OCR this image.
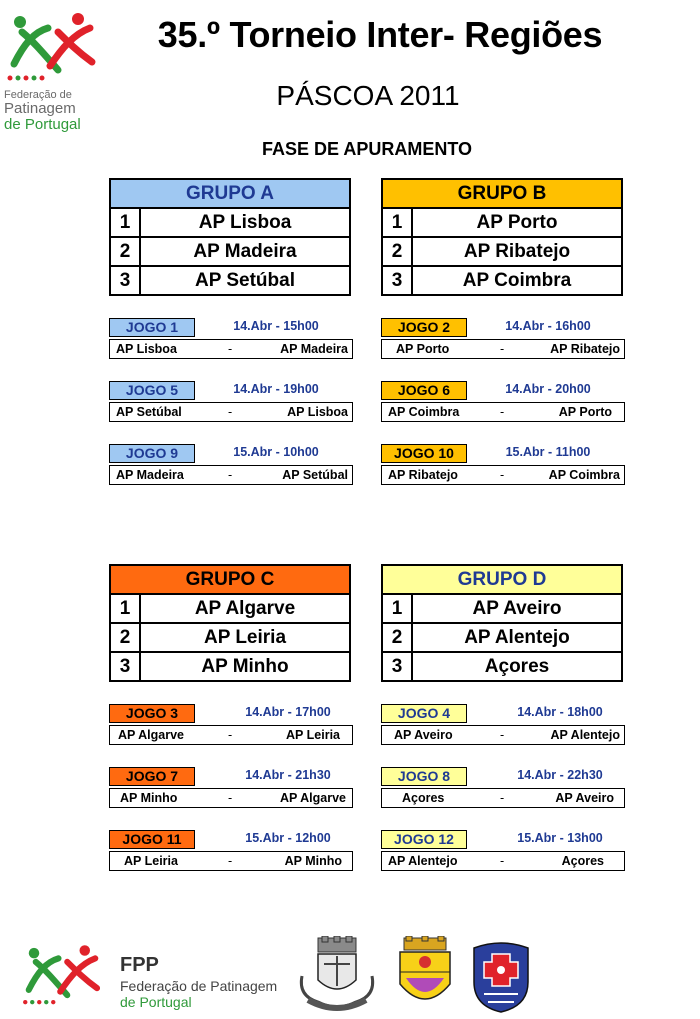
Federação de
Patinagem
de Portugal
35.º Torneio Inter- Regiões
PÁSCOA 2011
FASE DE APURAMENTO
GRUPO A
1	AP Lisboa
2	AP Madeira
3	AP Setúbal
GRUPO B
1	AP Porto
2	AP Ribatejo
3	AP Coimbra
JOGO 1	14.Abr - 15h00
AP Lisboa	-	AP Madeira
JOGO 2	14.Abr - 16h00
AP Porto	-	AP Ribatejo
JOGO 5	14.Abr - 19h00
AP Setúbal	-	AP Lisboa
JOGO 6	14.Abr - 20h00
AP Coimbra	-	AP Porto
JOGO 9	15.Abr - 10h00
AP Madeira	-	AP Setúbal
JOGO 10	15.Abr - 11h00
AP Ribatejo	-	AP Coimbra
GRUPO C
1	AP Algarve
2	AP Leiria
3	AP Minho
GRUPO D
1	AP Aveiro
2	AP Alentejo
3	Açores
JOGO 3	14.Abr - 17h00
AP Algarve	-	AP Leiria
JOGO 4	14.Abr - 18h00
AP Aveiro	-	AP Alentejo
JOGO 7	14.Abr - 21h30
AP Minho	-	AP Algarve
JOGO 8	14.Abr - 22h30
Açores	-	AP Aveiro
JOGO 11	15.Abr - 12h00
AP Leiria	-	AP Minho
JOGO 12	15.Abr - 13h00
AP Alentejo	-	Açores
FPP
Federação de Patinagem
de Portugal
